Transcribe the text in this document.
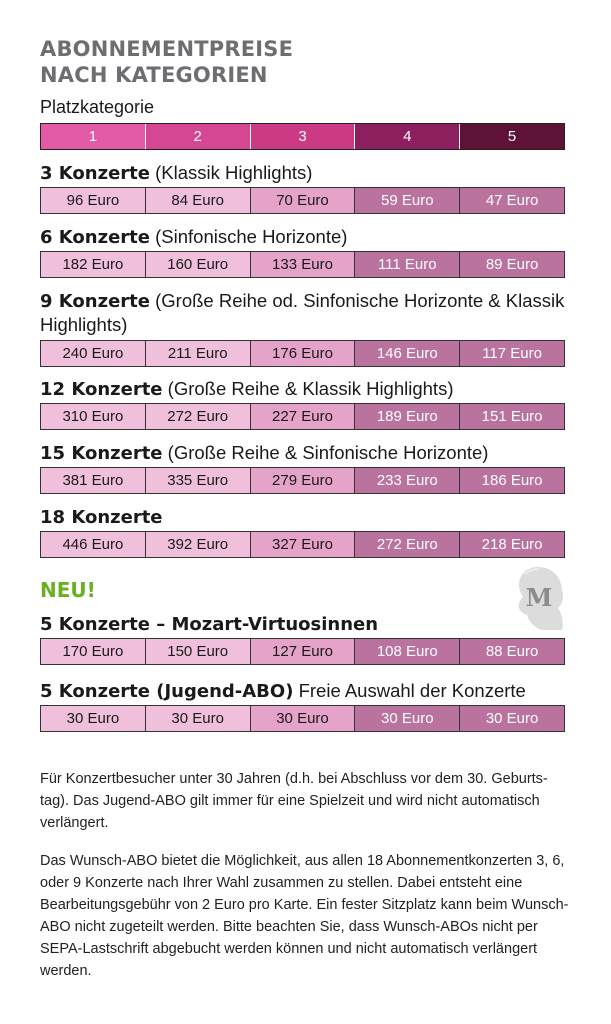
ABONNEMENTPREISE
NACH KATEGORIEN
Platzkategorie
1	2	3	4	5
3 Konzerte (Klassik Highlights)
96 Euro	84 Euro	70 Euro	59 Euro	47 Euro
6 Konzerte (Sinfonische Horizonte)
182 Euro	160 Euro	133 Euro	111 Euro	89 Euro
9 Konzerte (Große Reihe od. Sinfonische Horizonte & Klassik Highlights)
240 Euro	211 Euro	176 Euro	146 Euro	117 Euro
12 Konzerte (Große Reihe & Klassik Highlights)
310 Euro	272 Euro	227 Euro	189 Euro	151 Euro
15 Konzerte (Große Reihe & Sinfonische Horizonte)
381 Euro	335 Euro	279 Euro	233 Euro	186 Euro
18 Konzerte
446 Euro	392 Euro	327 Euro	272 Euro	218 Euro
NEU!	M
5 Konzerte – Mozart-Virtuosinnen
170 Euro	150 Euro	127 Euro	108 Euro	88 Euro
5 Konzerte (Jugend-ABO) Freie Auswahl der Konzerte
30 Euro	30 Euro	30 Euro	30 Euro	30 Euro

Für Konzertbesucher unter 30 Jahren (d.h. bei Abschluss vor dem 30. Geburts-tag). Das Jugend-ABO gilt immer für eine Spielzeit und wird nicht automatisch verlängert.

Das Wunsch-ABO bietet die Möglichkeit, aus allen 18 Abonnementkonzerten 3, 6, oder 9 Konzerte nach Ihrer Wahl zusammen zu stellen. Dabei entsteht eine Bearbeitungsgebühr von 2 Euro pro Karte. Ein fester Sitzplatz kann beim Wunsch-ABO nicht zugeteilt werden. Bitte beachten Sie, dass Wunsch-ABOs nicht per SEPA-Lastschrift abgebucht werden können und nicht automatisch verlängert werden.
